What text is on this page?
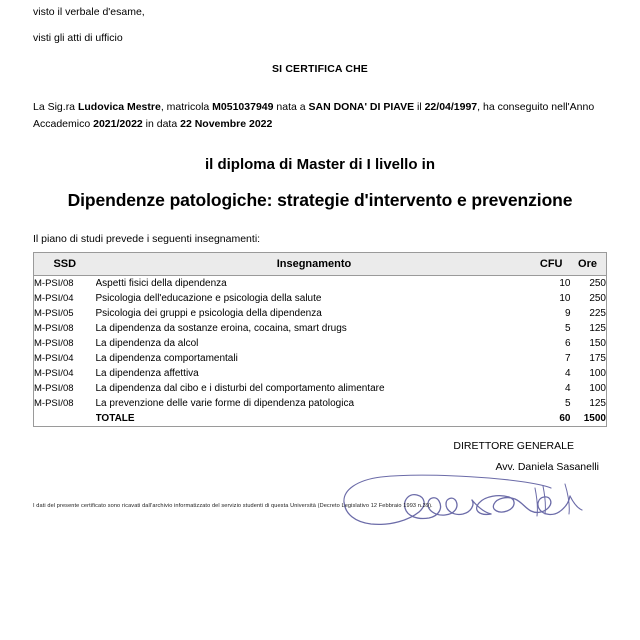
visto il verbale d'esame,

visti gli atti di ufficio

SI CERTIFICA CHE
La Sig.ra Ludovica Mestre, matricola M051037949 nata a SAN DONA' DI PIAVE il 22/04/1997, ha conseguito nell'Anno Accademico 2021/2022 in data 22 Novembre 2022
il diploma di Master di I livello in
Dipendenze patologiche: strategie d'intervento e prevenzione
Il piano di studi prevede i seguenti insegnamenti:
SSD	Insegnamento	CFU	Ore
M-PSI/08	Aspetti fisici della dipendenza	10	250
M-PSI/04	Psicologia dell'educazione e psicologia della salute	10	250
M-PSI/05	Psicologia dei gruppi e psicologia della dipendenza	9	225
M-PSI/08	La dipendenza da sostanze eroina, cocaina, smart drugs	5	125
M-PSI/08	La dipendenza da alcol	6	150
M-PSI/04	La dipendenza comportamentali	7	175
M-PSI/04	La dipendenza affettiva	4	100
M-PSI/08	La dipendenza dal cibo e i disturbi del comportamento alimentare	4	100
M-PSI/08	La prevenzione delle varie forme di dipendenza patologica	5	125
	TOTALE	60	1500
DIRETTORE GENERALE
Avv. Daniela Sasanelli
I dati del presente certificato sono ricavati dall'archivio informatizzato del servizio studenti di questa Università (Decreto Legislativo 12 Febbraio 1993 n.39).
